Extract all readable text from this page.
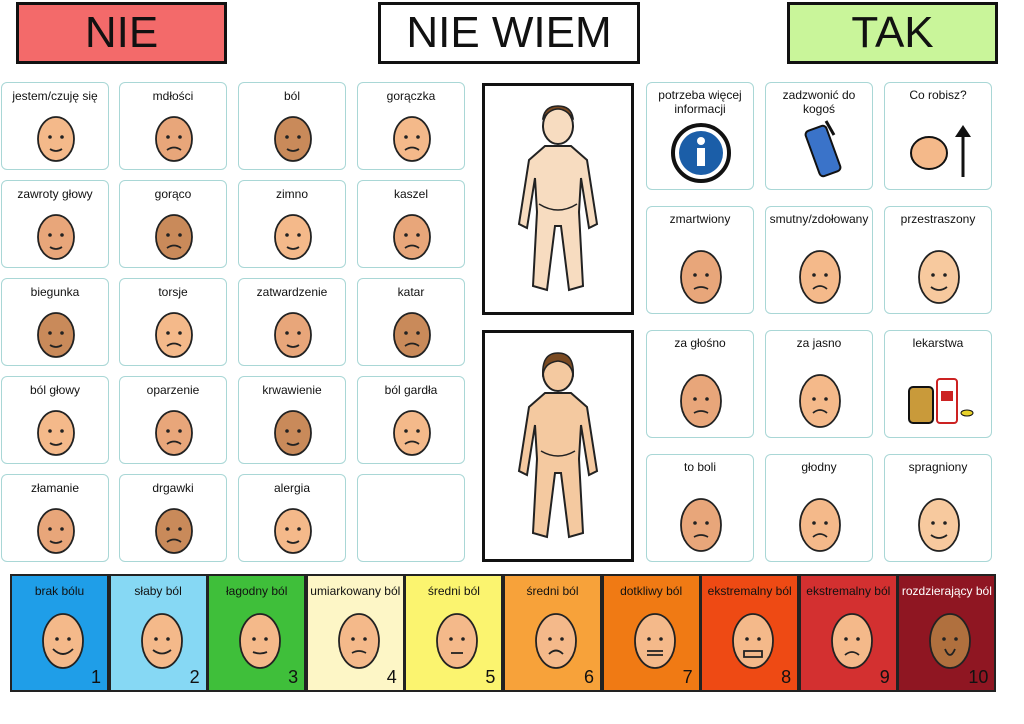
NIE	NIE WIEM	TAK
jestem/czuję się	mdłości	ból	gorączka
zawroty głowy	gorąco	zimno	kaszel
biegunka	torsje	zatwardzenie	katar
ból głowy	oparzenie	krwawienie	ból gardła
złamanie	drgawki	alergia
potrzeba więcej informacji
zadzwonić do kogoś
Co robisz?
zmartwiony	smutny/zdołowany	przestraszony
za głośno	za jasno	lekarstwa
to boli	głodny	spragniony
brak bólu
1
słaby ból
2
łagodny ból
3
umiarkowany ból
4
średni ból
5
średni ból
6
dotkliwy ból
7
ekstremalny ból
8
ekstremalny ból
9
rozdzierający ból
10
